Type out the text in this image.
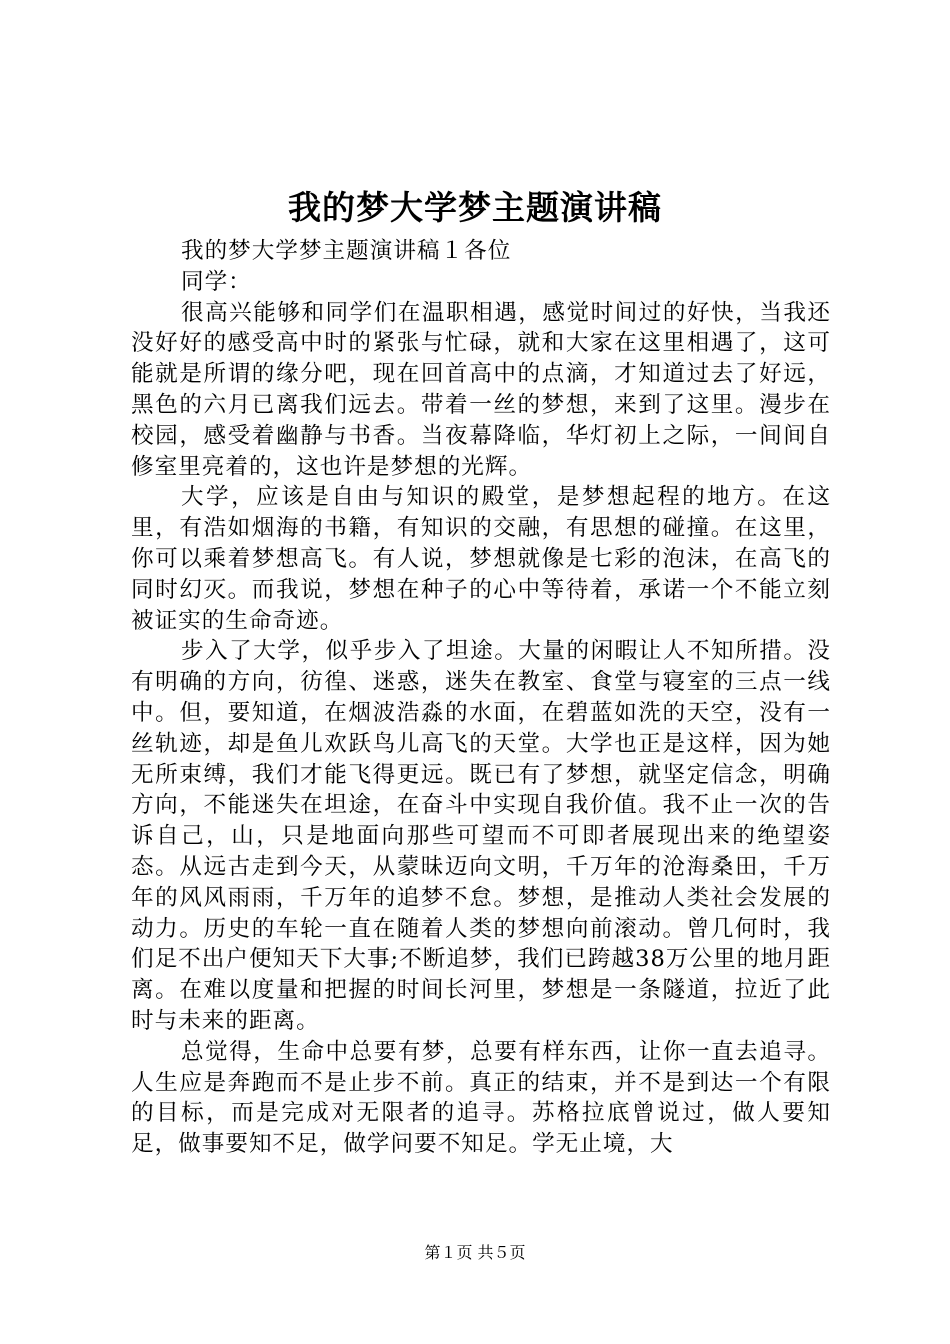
我的梦大学梦主题演讲稿

我的梦大学梦主题演讲稿１各位

同学：

很高兴能够和同学们在温职相遇，感觉时间过的好快，当我还没好好的感受高中时的紧张与忙碌，就和大家在这里相遇了，这可能就是所谓的缘分吧，现在回首高中的点滴，才知道过去了好远，黑色的六月已离我们远去。带着一丝的梦想，来到了这里。漫步在校园，感受着幽静与书香。当夜幕降临，华灯初上之际，一间间自修室里亮着的，这也许是梦想的光辉。

大学，应该是自由与知识的殿堂，是梦想起程的地方。在这里，有浩如烟海的书籍，有知识的交融，有思想的碰撞。在这里，你可以乘着梦想高飞。有人说，梦想就像是七彩的泡沫，在高飞的同时幻灭。而我说，梦想在种子的心中等待着，承诺一个不能立刻被证实的生命奇迹。

步入了大学，似乎步入了坦途。大量的闲暇让人不知所措。没有明确的方向，彷徨、迷惑，迷失在教室、食堂与寝室的三点一线中。但，要知道，在烟波浩淼的水面，在碧蓝如洗的天空，没有一丝轨迹，却是鱼儿欢跃鸟儿高飞的天堂。大学也正是这样，因为她无所束缚，我们才能飞得更远。既已有了梦想，就坚定信念，明确方向，不能迷失在坦途，在奋斗中实现自我价值。我不止一次的告诉自己，山，只是地面向那些可望而不可即者展现出来的绝望姿态。从远古走到今天，从蒙昧迈向文明，千万年的沧海桑田，千万年的风风雨雨，千万年的追梦不怠。梦想，是推动人类社会发展的动力。历史的车轮一直在随着人类的梦想向前滚动。曾几何时，我们足不出户便知天下大事;不断追梦，我们已跨越38万公里的地月距离。在难以度量和把握的时间长河里，梦想是一条隧道，拉近了此时与未来的距离。

总觉得，生命中总要有梦，总要有样东西，让你一直去追寻。人生应是奔跑而不是止步不前。真正的结束，并不是到达一个有限的目标，而是完成对无限者的追寻。苏格拉底曾说过，做人要知足，做事要知不足，做学问要不知足。学无止境，大

第１页 共５页
